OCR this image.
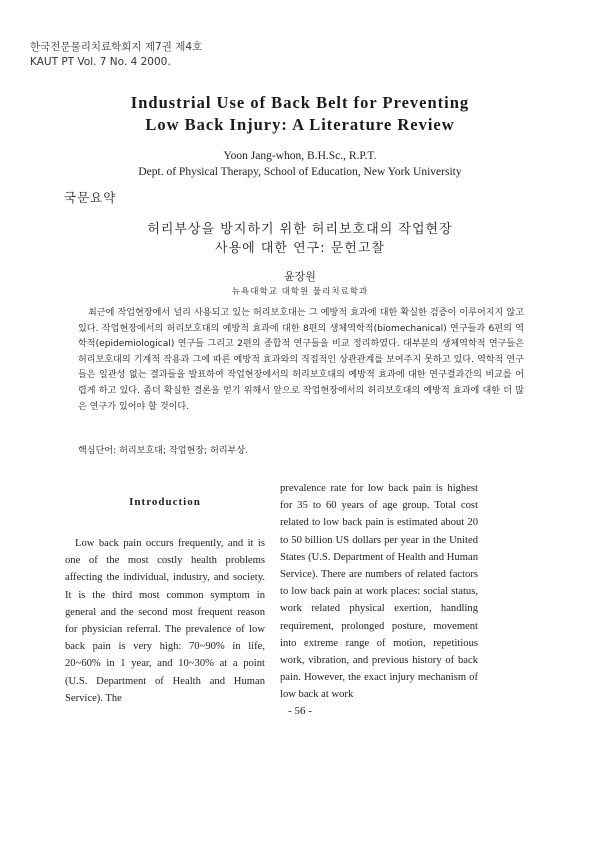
한국전문물리치료학회지 제7권 제4호
KAUT PT Vol. 7 No. 4 2000.
Industrial Use of Back Belt for Preventing
Low Back Injury: A Literature Review
Yoon Jang-whon, B.H.Sc., R.P.T.
Dept. of Physical Therapy, School of Education, New York University
국문요약
허리부상을 방지하기 위한 허리보호대의 작업현장
사용에 대한 연구: 문헌고찰
윤장원
뉴욕대학교 대학원 물리치료학과

최근에 작업현장에서 널리 사용되고 있는 허리보호대는 그 예방적 효과에 대한 확실한 검증이 이루어지지 않고 있다. 작업현장에서의 허리보호대의 예방적 효과에 대한 8편의 생체역학적(biomechanical) 연구들과 6편의 역학적(epidemiological) 연구들 그리고 2편의 종합적 연구들을 비교 정리하였다. 대부분의 생체역학적 연구들은 허리보호대의 기계적 작용과 그에 따른 예방적 효과와의 직접적인 상관관계를 보여주지 못하고 있다. 역학적 연구들은 일관성 없는 결과들을 발표하여 작업현장에서의 허리보호대의 예방적 효과에 대한 연구결과간의 비교를 어렵게 하고 있다. 좀더 확실한 결론을 얻기 위해서 앞으로 작업현장에서의 허리보호대의 예방적 효과에 대한 더 많은 연구가 있어야 할 것이다.

핵심단어: 허리보호대; 작업현장; 허리부상.
Introduction

Low back pain occurs frequently, and it is one of the most costly health problems affecting the individual, industry, and society. It is the third most common symptom in general and the second most frequent reason for physician referral. The prevalence of low back pain is very high: 70~90% in life, 20~60% in 1 year, and 10~30% at a point (U.S. Department of Health and Human Service). The

prevalence rate for low back pain is highest for 35 to 60 years of age group. Total cost related to low back pain is estimated about 20 to 50 billion US dollars per year in the United States (U.S. Department of Health and Human Service). There are numbers of related factors to low back pain at work places: social status, work related physical exertion, handling requirement, prolonged posture, movement into extreme range of motion, repetitious work, vibration, and previous history of back pain. However, the exact injury mechanism of low back at work

- 56 -
